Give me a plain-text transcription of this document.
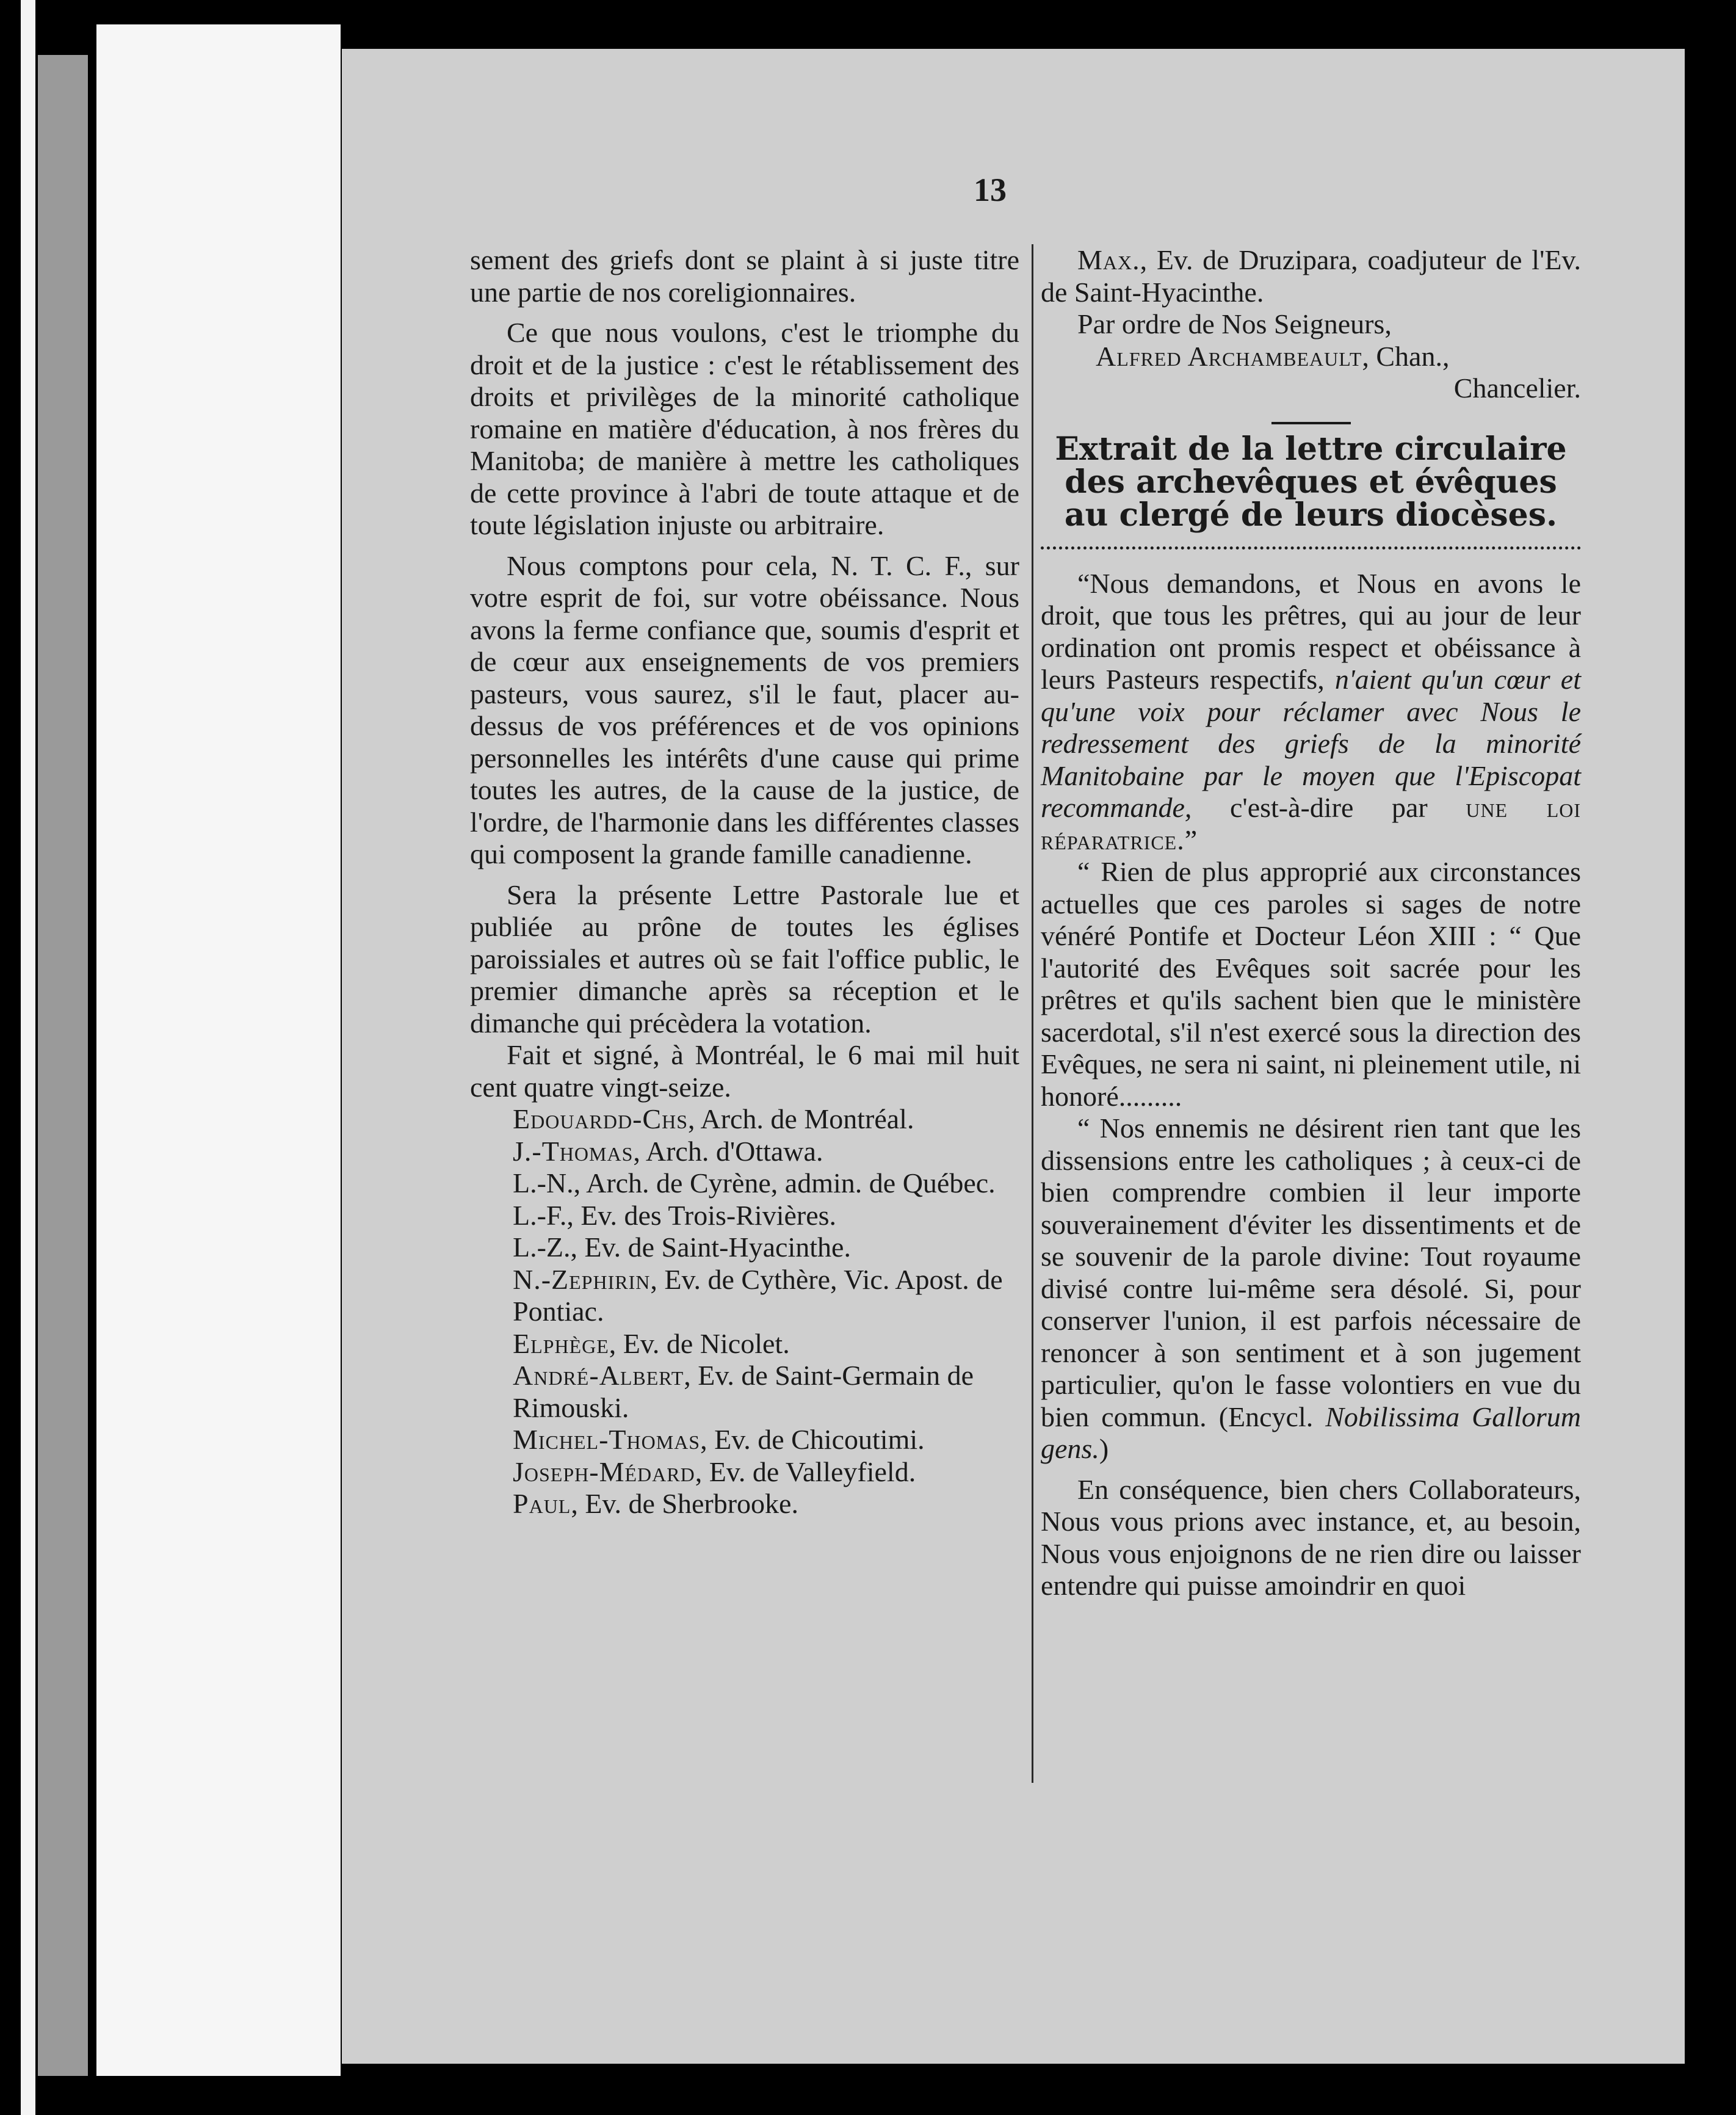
13

sement des griefs dont se plaint à si juste titre une partie de nos coreligionnaires.

Ce que nous voulons, c'est le triomphe du droit et de la justice : c'est le rétablissement des droits et privilèges de la minorité catholique romaine en matière d'éducation, à nos frères du Manitoba; de manière à mettre les catholiques de cette province à l'abri de toute attaque et de toute législation injuste ou arbitraire.

Nous comptons pour cela, N. T. C. F., sur votre esprit de foi, sur votre obéissance. Nous avons la ferme confiance que, soumis d'esprit et de cœur aux enseignements de vos premiers pasteurs, vous saurez, s'il le faut, placer au-dessus de vos préférences et de vos opinions personnelles les intérêts d'une cause qui prime toutes les autres, de la cause de la justice, de l'ordre, de l'harmonie dans les différentes classes qui composent la grande famille canadienne.

Sera la présente Lettre Pastorale lue et publiée au prône de toutes les églises paroissiales et autres où se fait l'office public, le premier dimanche après sa réception et le dimanche qui précèdera la votation.

Fait et signé, à Montréal, le 6 mai mil huit cent quatre vingt-seize.

Edouardd-Chs, Arch. de Montréal.
J.-Thomas, Arch. d'Ottawa.
L.-N., Arch. de Cyrène, admin. de Québec.
L.-F., Ev. des Trois-Rivières.
L.-Z., Ev. de Saint-Hyacinthe.
N.-Zephirin, Ev. de Cythère, Vic. Apost. de Pontiac.
Elphège, Ev. de Nicolet.
André-Albert, Ev. de Saint-Germain de Rimouski.
Michel-Thomas, Ev. de Chicoutimi.
Joseph-Médard, Ev. de Valleyfield.
Paul, Ev. de Sherbrooke.

Max., Ev. de Druzipara, coadjuteur de l'Ev. de Saint-Hyacinthe.

Par ordre de Nos Seigneurs,

Alfred Archambeault, Chan.,
Chancelier.
Extrait de la lettre circulaire des archevêques et évêques au clergé de leurs diocèses.

“Nous demandons, et Nous en avons le droit, que tous les prêtres, qui au jour de leur ordination ont promis respect et obéissance à leurs Pasteurs respectifs, n'aient qu'un cœur et qu'une voix pour réclamer avec Nous le redressement des griefs de la minorité Manitobaine par le moyen que l'Episcopat recommande, c'est-à-dire par une loi réparatrice.”

“ Rien de plus approprié aux circonstances actuelles que ces paroles si sages de notre vénéré Pontife et Docteur Léon XIII : “ Que l'autorité des Evêques soit sacrée pour les prêtres et qu'ils sachent bien que le ministère sacerdotal, s'il n'est exercé sous la direction des Evêques, ne sera ni saint, ni pleinement utile, ni honoré.........

“ Nos ennemis ne désirent rien tant que les dissensions entre les catholiques ; à ceux-ci de bien comprendre combien il leur importe souverainement d'éviter les dissentiments et de se souvenir de la parole divine: Tout royaume divisé contre lui-même sera désolé. Si, pour conserver l'union, il est parfois nécessaire de renoncer à son sentiment et à son jugement particulier, qu'on le fasse volontiers en vue du bien commun. (Encycl. Nobilissima Gallorum gens.)

En conséquence, bien chers Collaborateurs, Nous vous prions avec instance, et, au besoin, Nous vous enjoignons de ne rien dire ou laisser entendre qui puisse amoindrir en quoi
